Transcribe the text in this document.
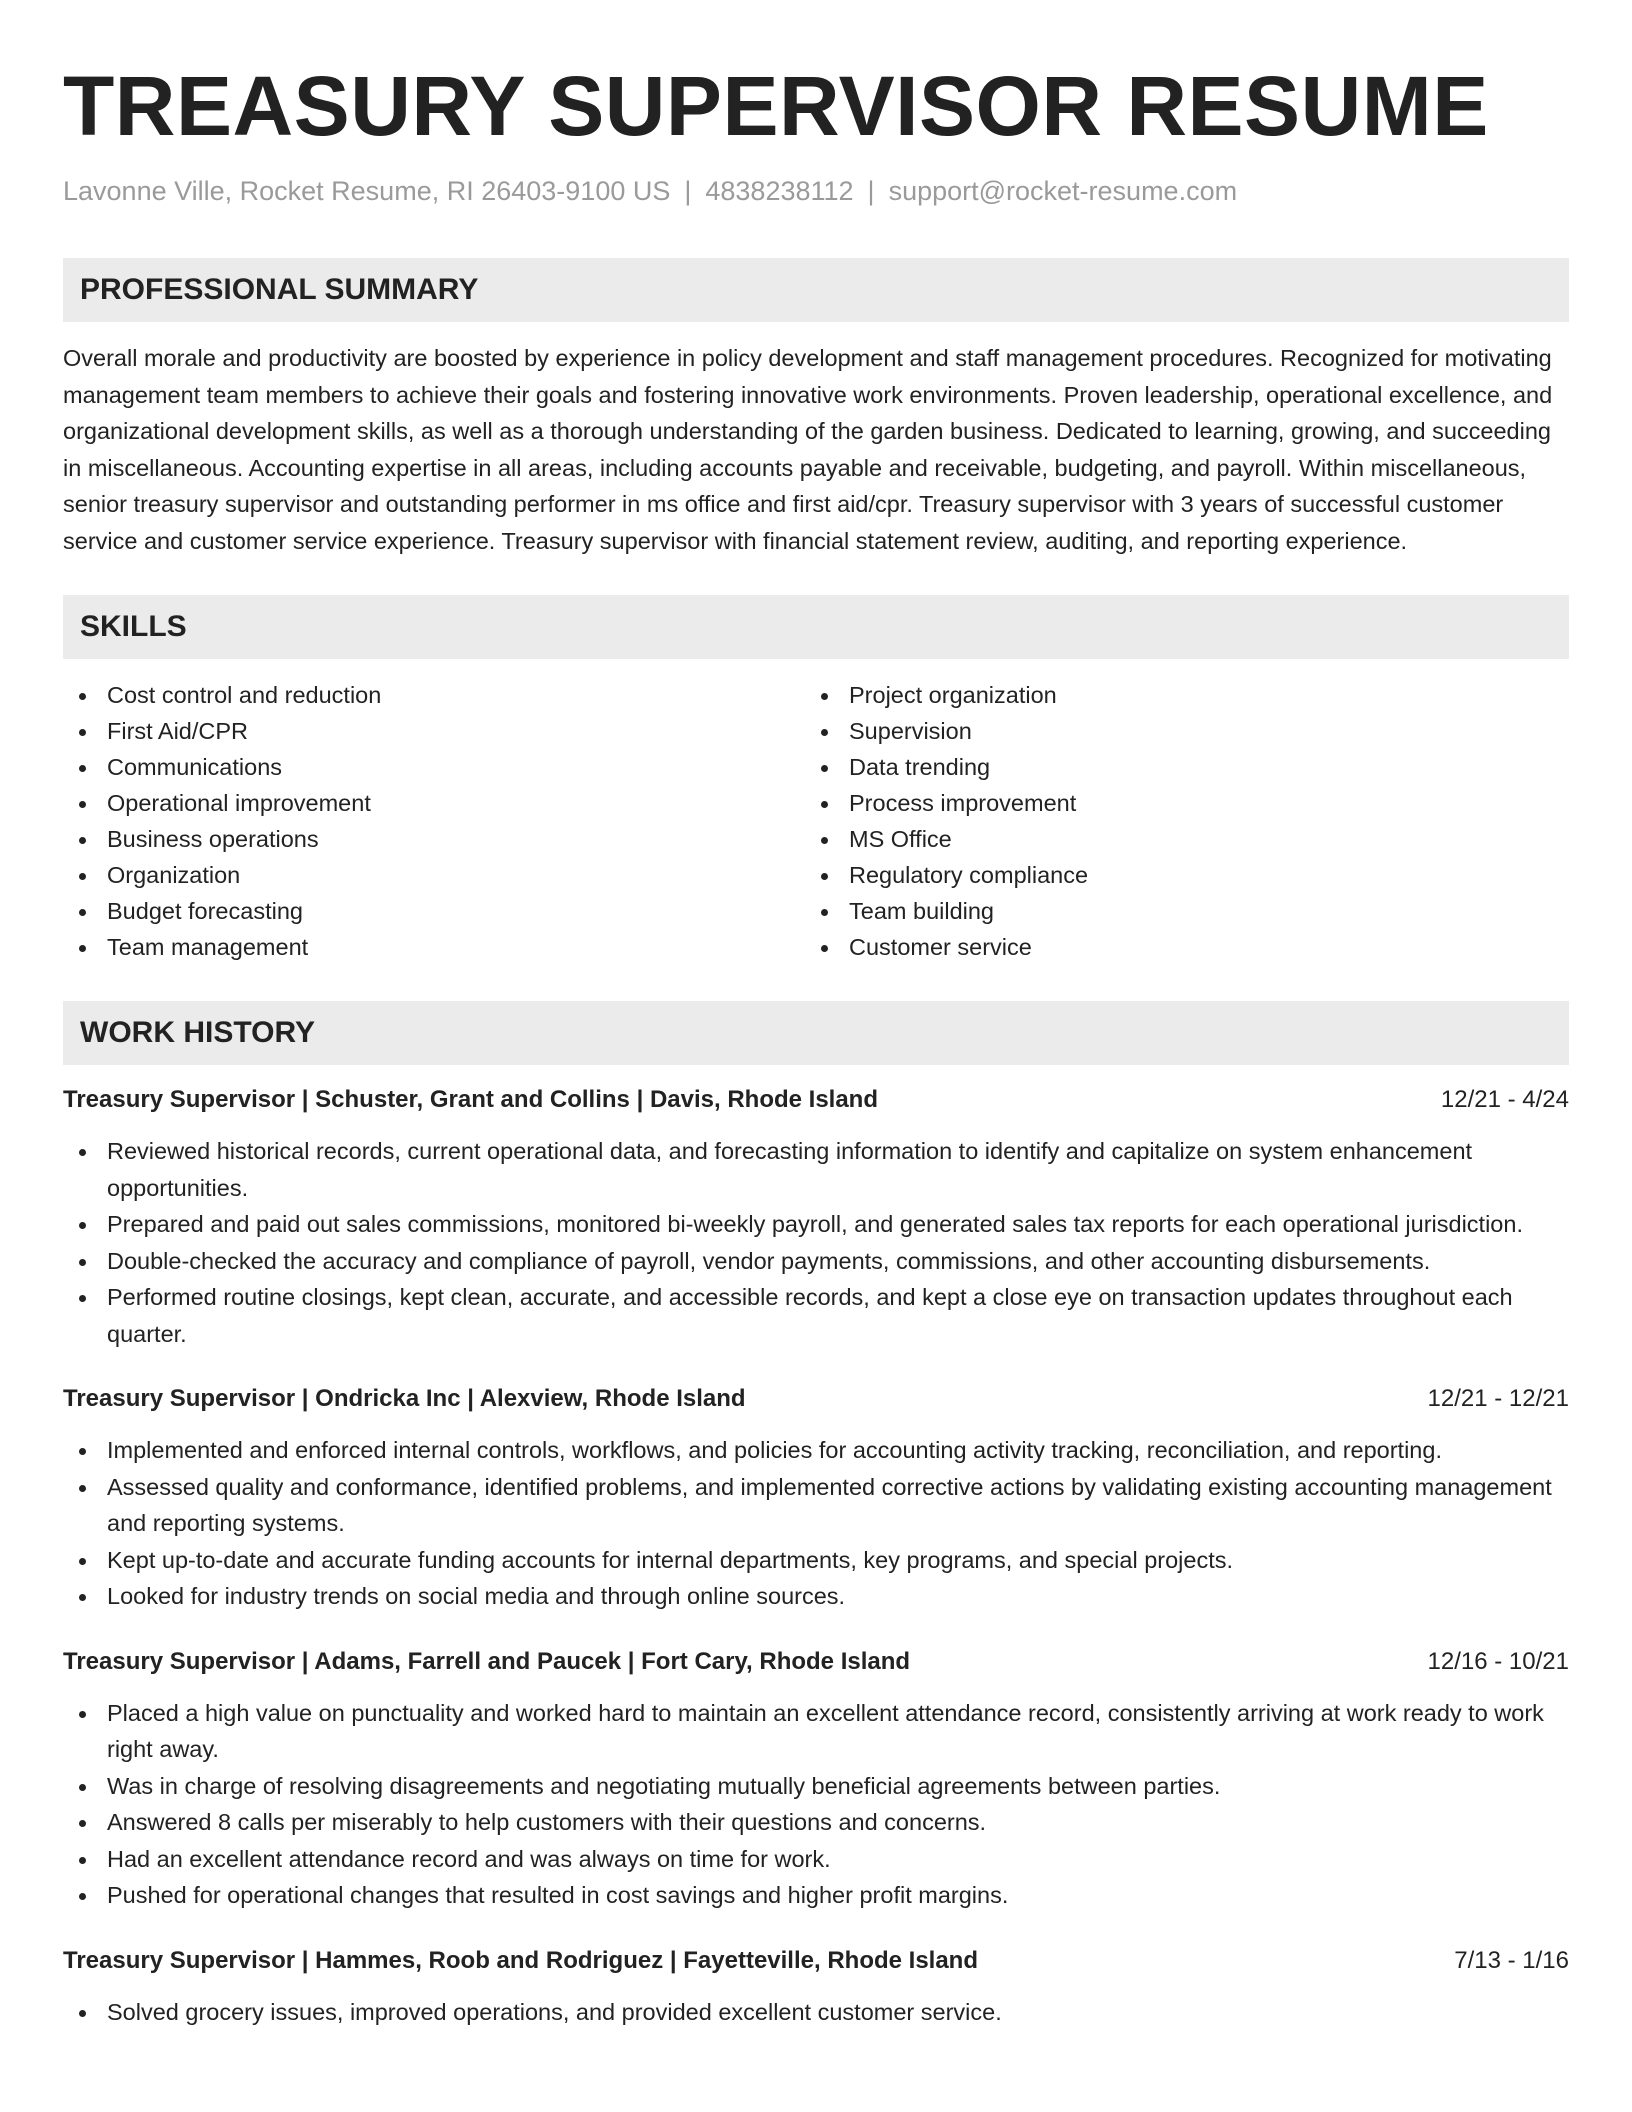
TREASURY SUPERVISOR RESUME
Lavonne Ville, Rocket Resume, RI 26403-9100 US | 4838238112 | support@rocket-resume.com
PROFESSIONAL SUMMARY
Overall morale and productivity are boosted by experience in policy development and staff management procedures. Recognized for motivating management team members to achieve their goals and fostering innovative work environments. Proven leadership, operational excellence, and organizational development skills, as well as a thorough understanding of the garden business. Dedicated to learning, growing, and succeeding in miscellaneous. Accounting expertise in all areas, including accounts payable and receivable, budgeting, and payroll. Within miscellaneous, senior treasury supervisor and outstanding performer in ms office and first aid/cpr. Treasury supervisor with 3 years of successful customer service and customer service experience. Treasury supervisor with financial statement review, auditing, and reporting experience.
SKILLS
Cost control and reduction
First Aid/CPR
Communications
Operational improvement
Business operations
Organization
Budget forecasting
Team management
Project organization
Supervision
Data trending
Process improvement
MS Office
Regulatory compliance
Team building
Customer service
WORK HISTORY
Treasury Supervisor | Schuster, Grant and Collins | Davis, Rhode Island	12/21 - 4/24
Reviewed historical records, current operational data, and forecasting information to identify and capitalize on system enhancement opportunities.
Prepared and paid out sales commissions, monitored bi-weekly payroll, and generated sales tax reports for each operational jurisdiction.
Double-checked the accuracy and compliance of payroll, vendor payments, commissions, and other accounting disbursements.
Performed routine closings, kept clean, accurate, and accessible records, and kept a close eye on transaction updates throughout each quarter.
Treasury Supervisor | Ondricka Inc | Alexview, Rhode Island	12/21 - 12/21
Implemented and enforced internal controls, workflows, and policies for accounting activity tracking, reconciliation, and reporting.
Assessed quality and conformance, identified problems, and implemented corrective actions by validating existing accounting management and reporting systems.
Kept up-to-date and accurate funding accounts for internal departments, key programs, and special projects.
Looked for industry trends on social media and through online sources.
Treasury Supervisor | Adams, Farrell and Paucek | Fort Cary, Rhode Island	12/16 - 10/21
Placed a high value on punctuality and worked hard to maintain an excellent attendance record, consistently arriving at work ready to work right away.
Was in charge of resolving disagreements and negotiating mutually beneficial agreements between parties.
Answered 8 calls per miserably to help customers with their questions and concerns.
Had an excellent attendance record and was always on time for work.
Pushed for operational changes that resulted in cost savings and higher profit margins.
Treasury Supervisor | Hammes, Roob and Rodriguez | Fayetteville, Rhode Island	7/13 - 1/16
Solved grocery issues, improved operations, and provided excellent customer service.
